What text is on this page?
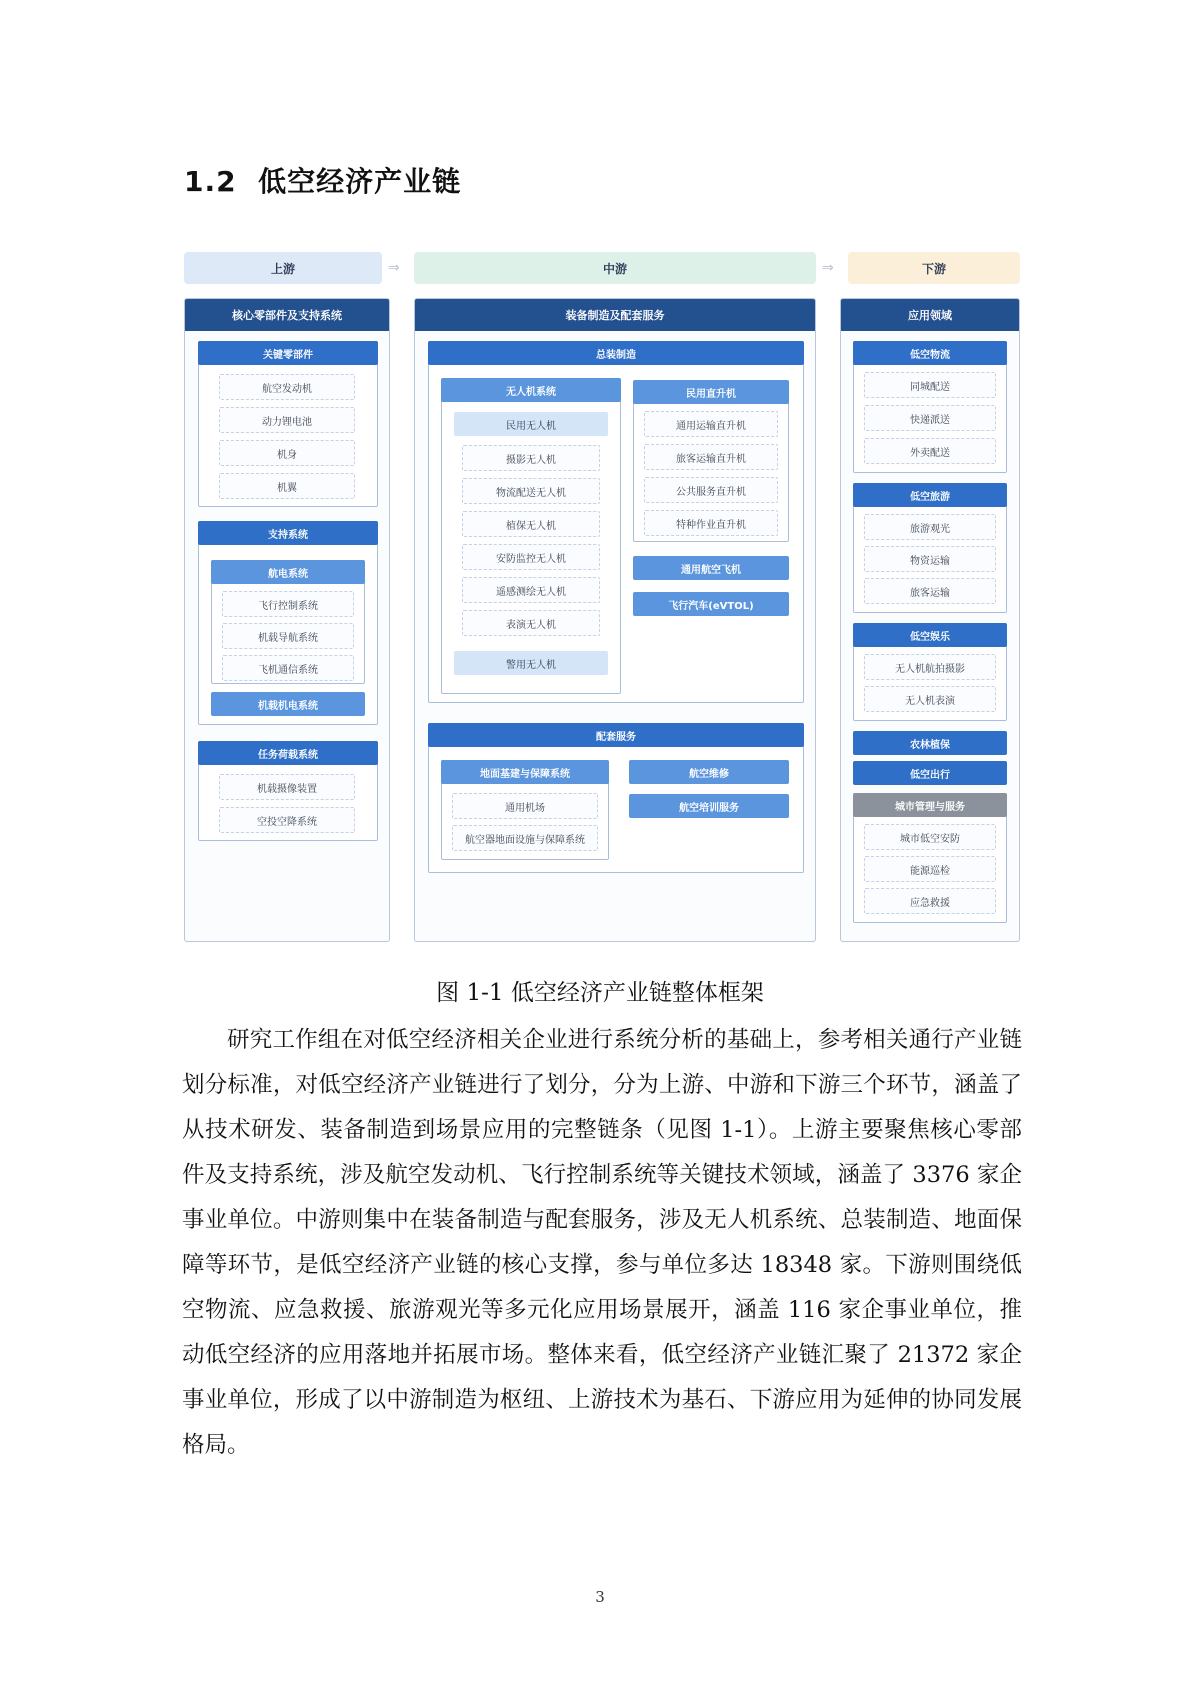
1.2 低空经济产业链
上游	⇒	中游	⇒	下游
核心零部件及支持系统
关键零部件
航空发动机
动力锂电池
机身
机翼
支持系统
航电系统
飞行控制系统
机载导航系统
飞机通信系统
机载机电系统
任务荷载系统
机载摄像装置
空投空降系统
装备制造及配套服务
总装制造
无人机系统
民用无人机
摄影无人机
物流配送无人机
植保无人机
安防监控无人机
遥感测绘无人机
表演无人机
警用无人机
民用直升机
通用运输直升机
旅客运输直升机
公共服务直升机
特种作业直升机
通用航空飞机
飞行汽车(eVTOL)
配套服务
地面基建与保障系统
通用机场
航空器地面设施与保障系统
航空维修
航空培训服务
应用领域
低空物流
同城配送
快递派送
外卖配送
低空旅游
旅游观光
物资运输
旅客运输
低空娱乐
无人机航拍摄影
无人机表演
农林植保
低空出行
城市管理与服务
城市低空安防
能源巡检
应急救援
图 1-1 低空经济产业链整体框架

研究工作组在对低空经济相关企业进行系统分析的基础上，参考相关通行产业链划分标准，对低空经济产业链进行了划分，分为上游、中游和下游三个环节，涵盖了从技术研发、装备制造到场景应用的完整链条（见图 1-1）。上游主要聚焦核心零部件及支持系统，涉及航空发动机、飞行控制系统等关键技术领域，涵盖了 3376 家企事业单位。中游则集中在装备制造与配套服务，涉及无人机系统、总装制造、地面保障等环节，是低空经济产业链的核心支撑，参与单位多达 18348 家。下游则围绕低空物流、应急救援、旅游观光等多元化应用场景展开，涵盖 116 家企事业单位，推动低空经济的应用落地并拓展市场。整体来看，低空经济产业链汇聚了 21372 家企事业单位，形成了以中游制造为枢纽、上游技术为基石、下游应用为延伸的协同发展格局。

3
